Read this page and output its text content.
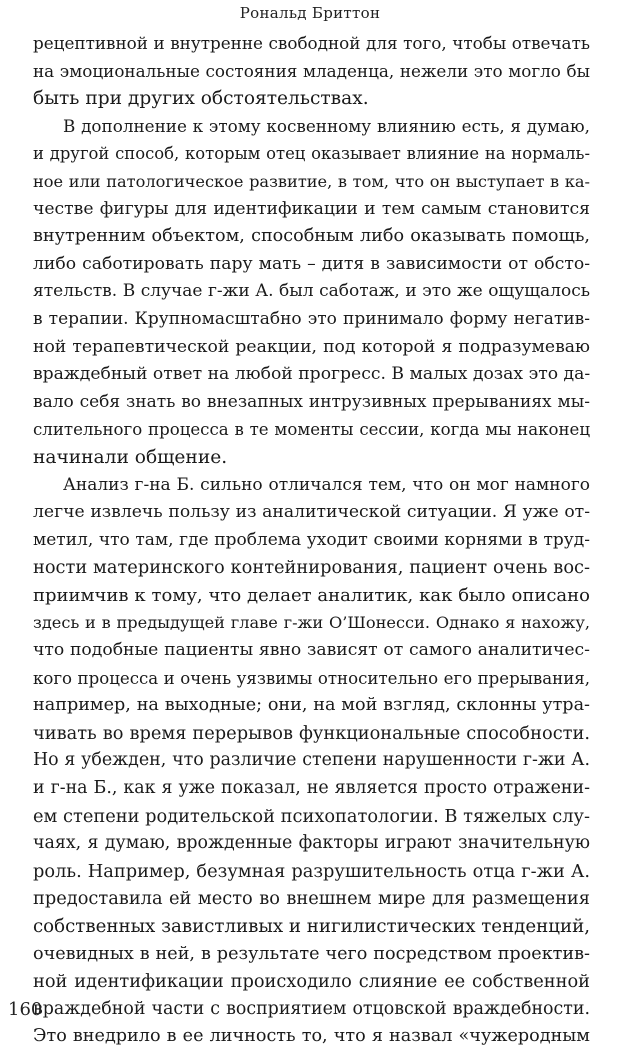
Рональд Бриттон
рецептивной и внутренне свободной для того, чтобы отвечать
на эмоциональные состояния младенца, нежели это могло бы
быть при других обстоятельствах.
В дополнение к этому косвенному влиянию есть, я думаю,
и другой способ, которым отец оказывает влияние на нормаль-
ное или патологическое развитие, в том, что он выступает в ка-
честве фигуры для идентификации и тем самым становится
внутренним объектом, способным либо оказывать помощь,
либо саботировать пару мать – дитя в зависимости от обсто-
ятельств. В случае г-жи А. был саботаж, и это же ощущалось
в терапии. Крупномасштабно это принимало форму негатив-
ной терапевтической реакции, под которой я подразумеваю
враждебный ответ на любой прогресс. В малых дозах это да-
вало себя знать во внезапных интрузивных прерываниях мы-
слительного процесса в те моменты сессии, когда мы наконец
начинали общение.
Анализ г-на Б. сильно отличался тем, что он мог намного
легче извлечь пользу из аналитической ситуации. Я уже от-
метил, что там, где проблема уходит своими корнями в труд-
ности материнского контейнирования, пациент очень вос-
приимчив к тому, что делает аналитик, как было описано
здесь и в предыдущей главе г-жи О’Шонесси. Однако я нахожу,
что подобные пациенты явно зависят от самого аналитичес-
кого процесса и очень уязвимы относительно его прерывания,
например, на выходные; они, на мой взгляд, склонны утра-
чивать во время перерывов функциональные способности.
Но я убежден, что различие степени нарушенности г-жи А.
и г-на Б., как я уже показал, не является просто отражени-
ем степени родительской психопатологии. В тяжелых слу-
чаях, я думаю, врожденные факторы играют значительную
роль. Например, безумная разрушительность отца г-жи А.
предоставила ей место во внешнем мире для размещения
собственных завистливых и нигилистических тенденций,
очевидных в ней, в результате чего посредством проектив-
ной идентификации происходило слияние ее собственной
враждебной части с восприятием отцовской враждебности.
Это внедрило в ее личность то, что я назвал «чужеродным
160
